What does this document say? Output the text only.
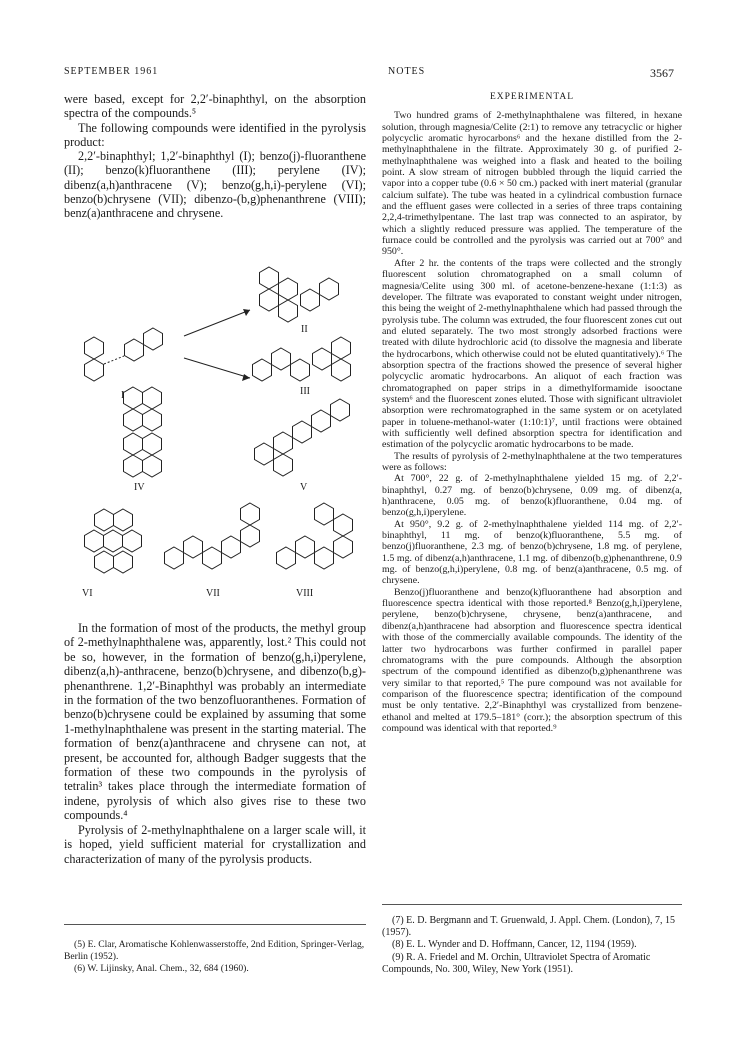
SEPTEMBER 1961	NOTES	3567

were based, except for 2,2′-binaphthyl, on the absorption spectra of the compounds.⁵

The following compounds were identified in the pyrolysis product:

2,2′-binaphthyl; 1,2′-binaphthyl (I); benzo(j)-fluoranthene (II); benzo(k)fluoranthene (III); perylene (IV); dibenz(a,h)anthracene (V); benzo(g,h,i)-perylene (VI); benzo(b)chrysene (VII); dibenzo-(b,g)phenanthrene (VIII); benz(a)anthracene and chrysene.

I
II
III
IV	V
VI	VII	VIII

In the formation of most of the products, the methyl group of 2-methylnaphthalene was, apparently, lost.² This could not be so, however, in the formation of benzo(g,h,i)perylene, dibenz(a,h)-anthracene, benzo(b)chrysene, and dibenzo(b,g)-phenanthrene. 1,2′-Binaphthyl was probably an intermediate in the formation of the two benzofluoranthenes. Formation of benzo(b)chrysene could be explained by assuming that some 1-methylnaphthalene was present in the starting material. The formation of benz(a)anthracene and chrysene can not, at present, be accounted for, although Badger suggests that the formation of these two compounds in the pyrolysis of tetralin³ takes place through the intermediate formation of indene, pyrolysis of which also gives rise to these two compounds.⁴

Pyrolysis of 2-methylnaphthalene on a larger scale will, it is hoped, yield sufficient material for crystallization and characterization of many of the pyrolysis products.

(5) E. Clar, Aromatische Kohlenwasserstoffe, 2nd Edition, Springer-Verlag, Berlin (1952).

(6) W. Lijinsky, Anal. Chem., 32, 684 (1960).

EXPERIMENTAL

Two hundred grams of 2-methylnaphthalene was filtered, in hexane solution, through magnesia/Celite (2:1) to remove any tetracyclic or higher polycyclic aromatic hyrocarbons⁶ and the hexane distilled from the 2-methylnaphthalene in the filtrate. Approximately 30 g. of purified 2-methylnaphthalene was weighed into a flask and heated to the boiling point. A slow stream of nitrogen bubbled through the liquid carried the vapor into a copper tube (0.6 × 50 cm.) packed with inert material (granular calcium sulfate). The tube was heated in a cylindrical combustion furnace and the effluent gases were collected in a series of three traps containing 2,2,4-trimethylpentane. The last trap was connected to an aspirator, by which a slightly reduced pressure was applied. The temperature of the furnace could be controlled and the pyrolysis was carried out at 700° and 950°.

After 2 hr. the contents of the traps were collected and the strongly fluorescent solution chromatographed on a small column of magnesia/Celite using 300 ml. of acetone-benzene-hexane (1:1:3) as developer. The filtrate was evaporated to constant weight under nitrogen, this being the weight of 2-methylnaphthalene which had passed through the pyrolysis tube. The column was extruded, the four fluorescent zones cut out and eluted separately. The two most strongly adsorbed fractions were treated with dilute hydrochloric acid (to dissolve the magnesia and liberate the hydrocarbons, which otherwise could not be eluted quantitatively).⁶ The absorption spectra of the fractions showed the presence of several higher polycyclic aromatic hydrocarbons. An aliquot of each fraction was chromatographed on paper strips in a dimethylformamide isooctane system⁶ and the fluorescent zones eluted. Those with significant ultraviolet absorption were rechromatographed in the same system or on acetylated paper in toluene-methanol-water (1:10:1)⁷, until fractions were obtained with sufficiently well defined absorption spectra for identification and estimation of the polycyclic aromatic hydrocarbons to be made.

The results of pyrolysis of 2-methylnaphthalene at the two temperatures were as follows:

At 700°, 22 g. of 2-methylnaphthalene yielded 15 mg. of 2,2′-binaphthyl, 0.27 mg. of benzo(b)chrysene, 0.09 mg. of dibenz(a, h)anthracene, 0.05 mg. of benzo(k)fluoranthene, 0.04 mg. of benzo(g,h,i)perylene.

At 950°, 9.2 g. of 2-methylnaphthalene yielded 114 mg. of 2,2′-binaphthyl, 11 mg. of benzo(k)fluoranthene, 5.5 mg. of benzo(j)fluoranthene, 2.3 mg. of benzo(b)chrysene, 1.8 mg. of perylene, 1.5 mg. of dibenz(a,h)anthracene, 1.1 mg. of dibenzo(b,g)phenanthrene, 0.9 mg. of benzo(g,h,i)perylene, 0.8 mg. of benz(a)anthracene, 0.5 mg. of chrysene.

Benzo(j)fluoranthene and benzo(k)fluoranthene had absorption and fluorescence spectra identical with those reported.⁸ Benzo(g,h,i)perylene, perylene, benzo(b)chrysene, chrysene, benz(a)anthracene, and dibenz(a,h)anthracene had absorption and fluorescence spectra identical with those of the commercially available compounds. The identity of the latter two hydrocarbons was further confirmed in parallel paper chromatograms with the pure compounds. Although the absorption spectrum of the compound identified as dibenzo(b,g)phenanthrene was very similar to that reported,⁵ The pure compound was not available for comparison of the fluorescence spectra; identification of the compound must be only tentative. 2,2′-Binaphthyl was crystallized from benzene-ethanol and melted at 179.5–181° (corr.); the absorption spectrum of this compound was identical with that reported.⁹

(7) E. D. Bergmann and T. Gruenwald, J. Appl. Chem. (London), 7, 15 (1957).

(8) E. L. Wynder and D. Hoffmann, Cancer, 12, 1194 (1959).

(9) R. A. Friedel and M. Orchin, Ultraviolet Spectra of Aromatic Compounds, No. 300, Wiley, New York (1951).
